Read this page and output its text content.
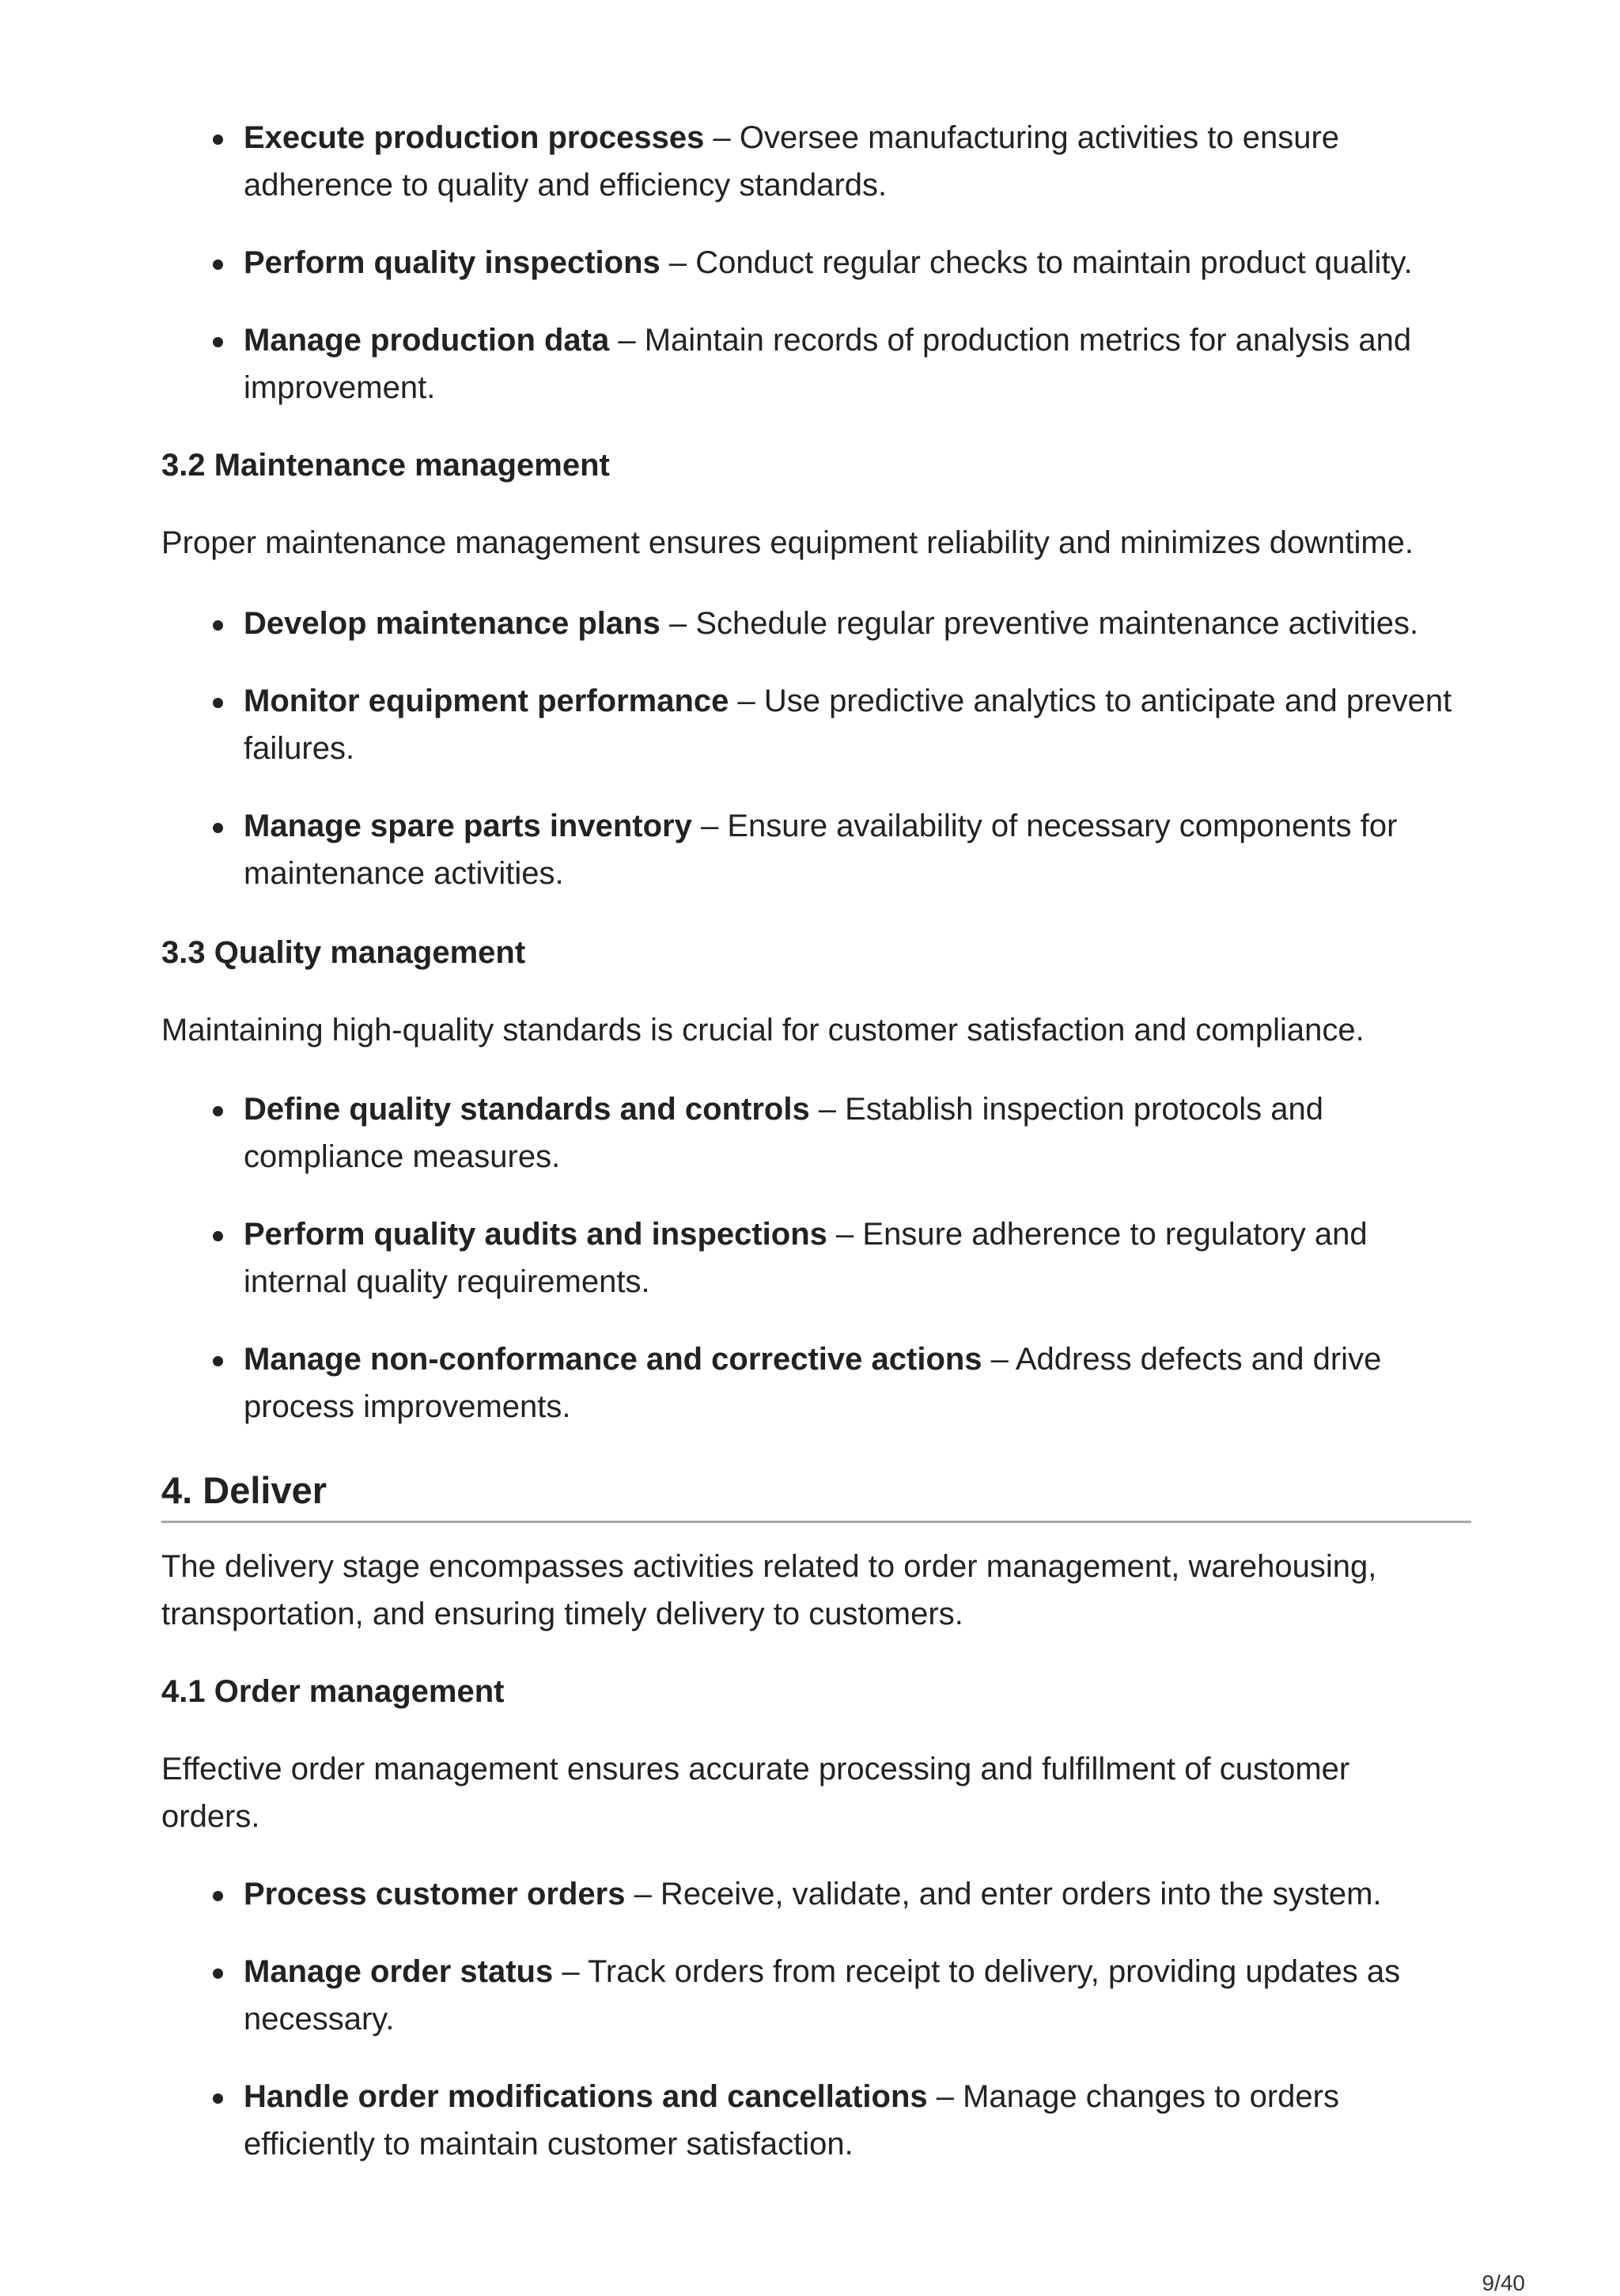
Execute production processes – Oversee manufacturing activities to ensure adherence to quality and efficiency standards.
Perform quality inspections – Conduct regular checks to maintain product quality.
Manage production data – Maintain records of production metrics for analysis and improvement.
3.2 Maintenance management

Proper maintenance management ensures equipment reliability and minimizes downtime.

Develop maintenance plans – Schedule regular preventive maintenance activities.
Monitor equipment performance – Use predictive analytics to anticipate and prevent failures.
Manage spare parts inventory – Ensure availability of necessary components for maintenance activities.
3.3 Quality management

Maintaining high-quality standards is crucial for customer satisfaction and compliance.

Define quality standards and controls – Establish inspection protocols and compliance measures.
Perform quality audits and inspections – Ensure adherence to regulatory and internal quality requirements.
Manage non-conformance and corrective actions – Address defects and drive process improvements.
4. Deliver

The delivery stage encompasses activities related to order management, warehousing, transportation, and ensuring timely delivery to customers.

4.1 Order management

Effective order management ensures accurate processing and fulfillment of customer orders.

Process customer orders – Receive, validate, and enter orders into the system.
Manage order status – Track orders from receipt to delivery, providing updates as necessary.
Handle order modifications and cancellations – Manage changes to orders efficiently to maintain customer satisfaction.
9/40
